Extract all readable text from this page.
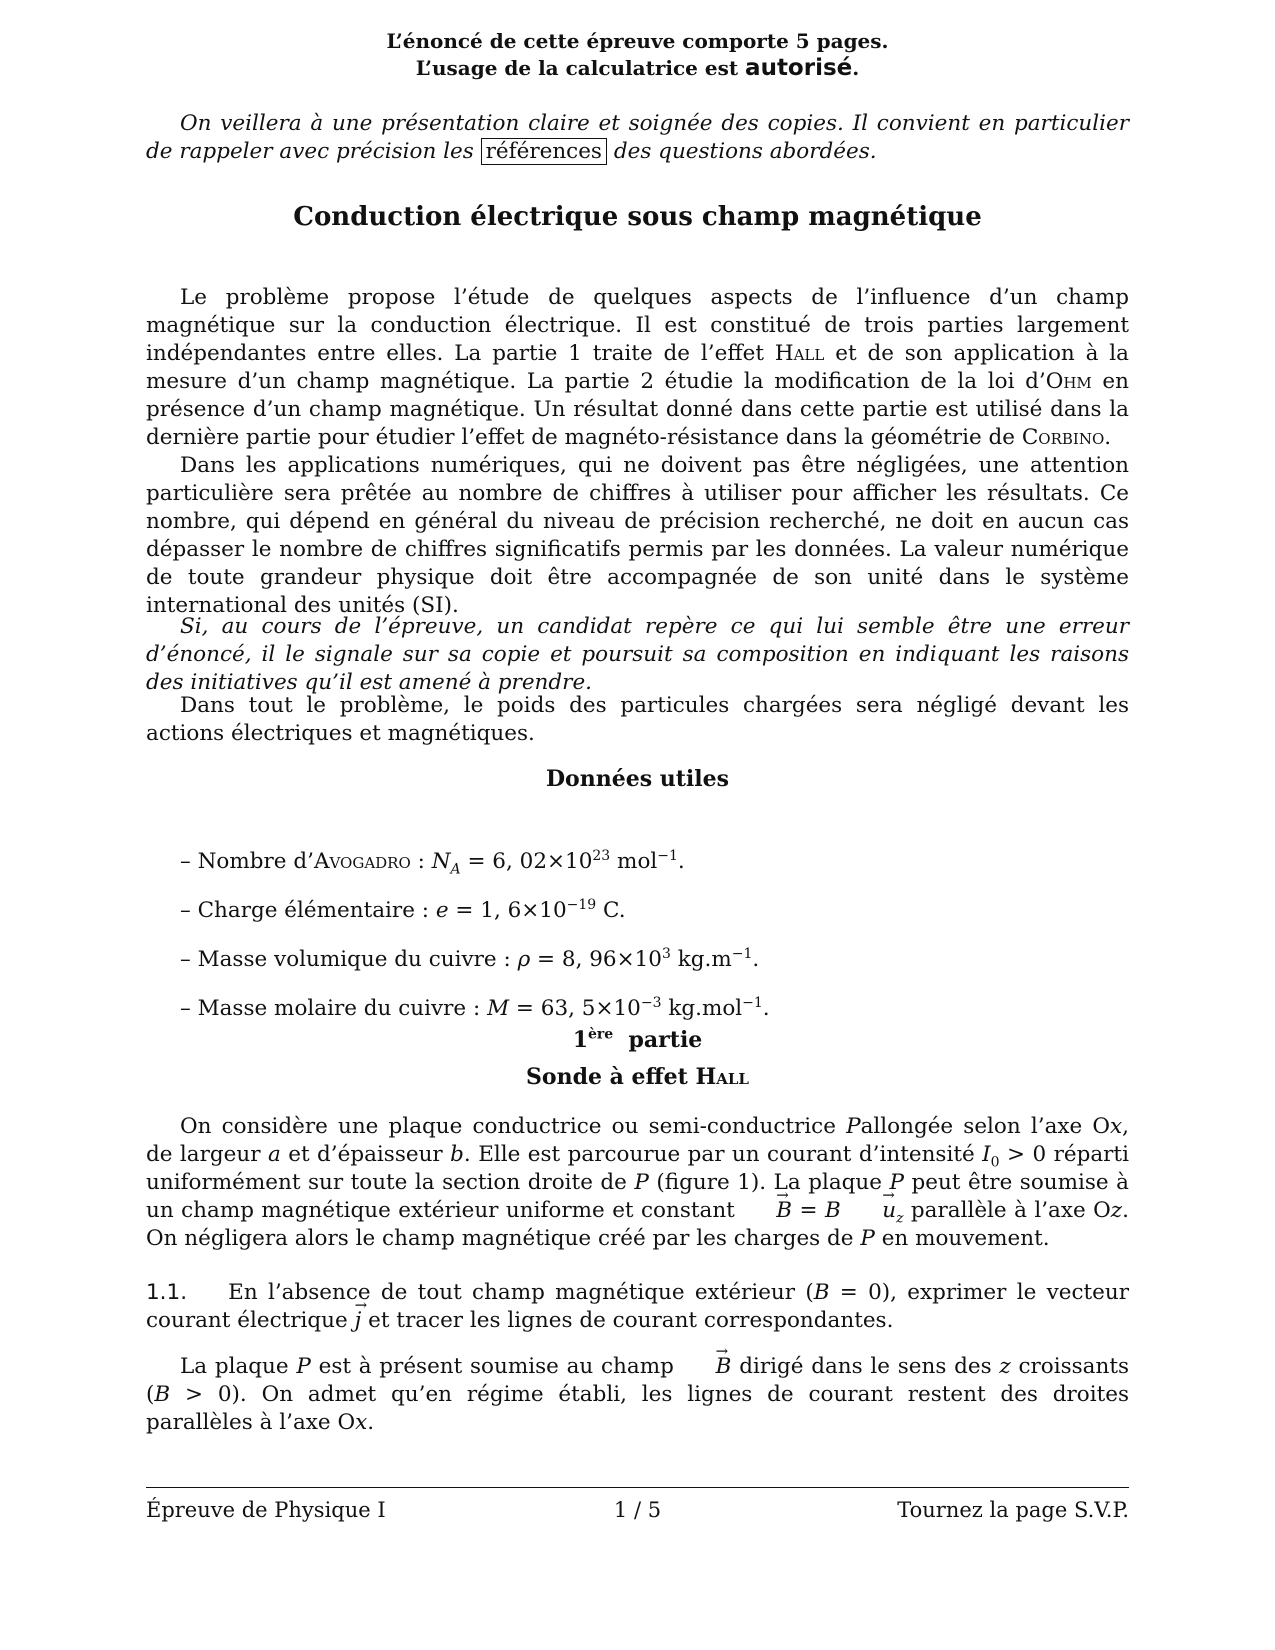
L’énoncé de cette épreuve comporte 5 pages.
L’usage de la calculatrice est autorisé.
On veillera à une présentation claire et soignée des copies. Il convient en particulier de rappeler avec précision les références des questions abordées.
Conduction électrique sous champ magnétique
Le problème propose l’étude de quelques aspects de l’influence d’un champ magnétique sur la conduction électrique. Il est constitué de trois parties largement indépendantes entre elles. La partie 1 traite de l’effet Hall et de son application à la mesure d’un champ magnétique. La partie 2 étudie la modification de la loi d’Ohm en présence d’un champ magnétique. Un résultat donné dans cette partie est utilisé dans la dernière partie pour étudier l’effet de magnéto-résistance dans la géométrie de Corbino.
Dans les applications numériques, qui ne doivent pas être négligées, une attention particulière sera prêtée au nombre de chiffres à utiliser pour afficher les résultats. Ce nombre, qui dépend en général du niveau de précision recherché, ne doit en aucun cas dépasser le nombre de chiffres significatifs permis par les données. La valeur numérique de toute grandeur physique doit être accompagnée de son unité dans le système international des unités (SI).
Si, au cours de l’épreuve, un candidat repère ce qui lui semble être une erreur d’énoncé, il le signale sur sa copie et poursuit sa composition en indiquant les raisons des initiatives qu’il est amené à prendre.
Dans tout le problème, le poids des particules chargées sera négligé devant les actions électriques et magnétiques.
Données utiles
– Nombre d’Avogadro : $N_A = 6$, $02\times 10^{23}$ mol$^{-1}$.
– Charge élémentaire : e = 1, $6\times 10^{-19}$ C.
– Masse volumique du cuivre : ρ = 8, $96\times 10^3$ $kg.m^{-1}$.
– Masse molaire du cuivre : M = 63, $5\times 10^{-3}$ kg.mol$^{-1}$.
1ère partie
Sonde à effet Hall
On considère une plaque conductrice ou semi-conductrice Pallongée selon l’axe Ox, de largeur a et d’épaisseur b. Elle est parcourue par un courant d’intensité $I_0 > 0$ réparti uniformément sur toute la section droite de P (figure 1). La plaque P peut être soumise à un champ magnétique extérieur uniforme et constant → $B = B \to u_z$ parallèle à l’axe Oz. On négligera alors le champ magnétique créé par les charges de P en mouvement.
1.1. En l’absence de tout champ magnétique extérieur (B = 0), exprimer le vecteur courant électrique → j et tracer les lignes de courant correspondantes.
La plaque P est à présent soumise au champ → B dirigé dans le sens des z croissants (B > 0). On admet qu’en régime établi, les lignes de courant restent des droites parallèles à l’axe Ox.
Épreuve de Physique I	1 / 5	Tournez la page S.V.P.
